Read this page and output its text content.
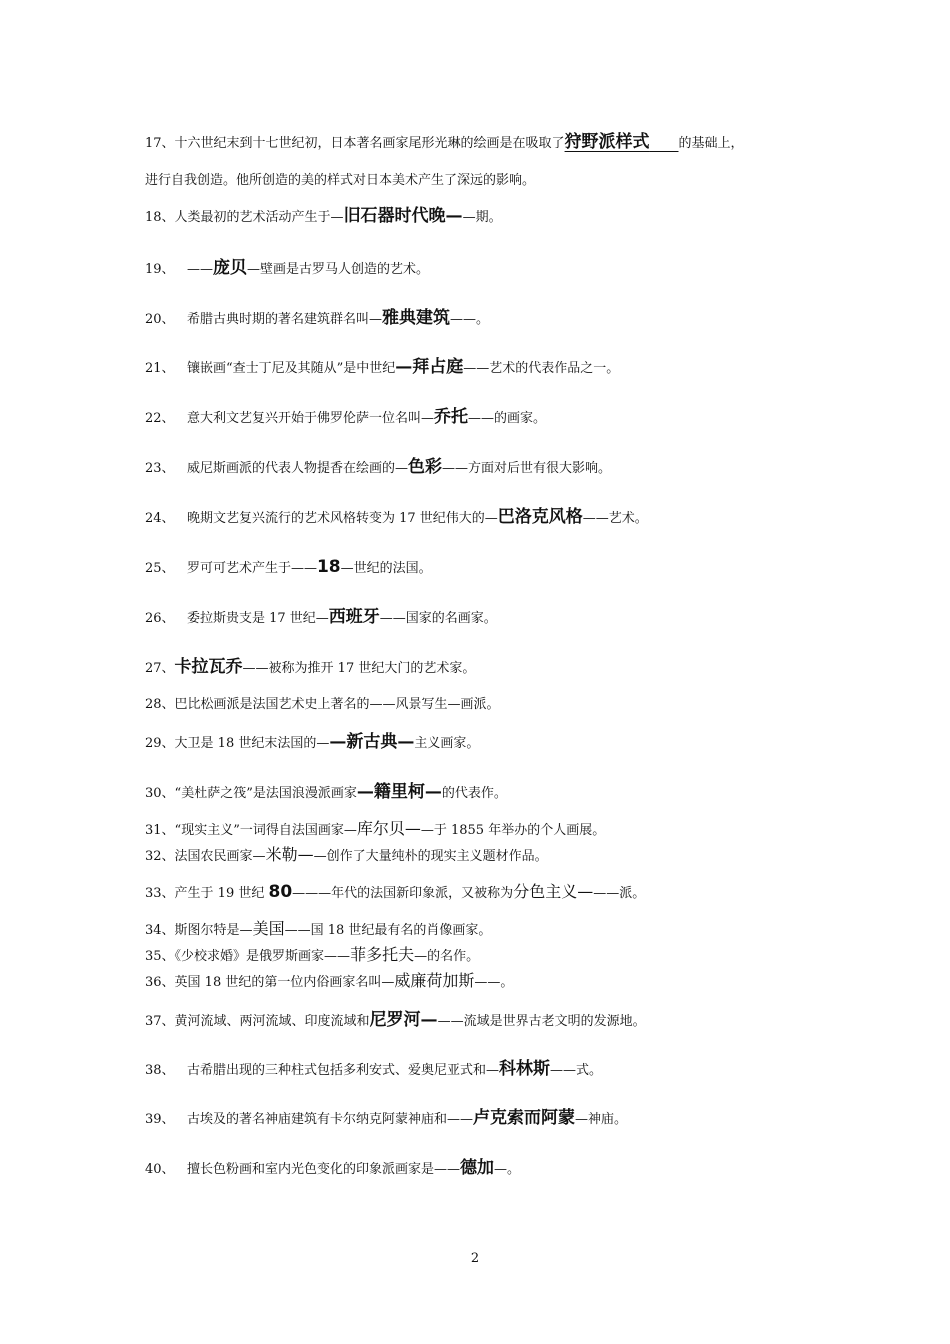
17、十六世纪末到十七世纪初，日本著名画家尾形光琳的绘画是在吸取了狩野派样式 的基础上，
进行自我创造。他所创造的美的样式对日本美术产生了深远的影响。
18、人类最初的艺术活动产生于—旧石器时代晚——期。
19、 ——庞贝—壁画是古罗马人创造的艺术。
20、 希腊古典时期的著名建筑群名叫—雅典建筑——。
21、 镶嵌画“查士丁尼及其随从”是中世纪—拜占庭——艺术的代表作品之一。
22、 意大利文艺复兴开始于佛罗伦萨一位名叫—乔托——的画家。
23、 威尼斯画派的代表人物提香在绘画的—色彩——方面对后世有很大影响。
24、 晚期文艺复兴流行的艺术风格转变为 17 世纪伟大的—巴洛克风格——艺术。
25、 罗可可艺术产生于——18—世纪的法国。
26、 委拉斯贵支是 17 世纪—西班牙——国家的名画家。
27、卡拉瓦乔——被称为推开 17 世纪大门的艺术家。
28、巴比松画派是法国艺术史上著名的——风景写生—画派。
29、大卫是 18 世纪末法国的——新古典—主义画家。
30、“美杜萨之筏”是法国浪漫派画家—籍里柯—的代表作。
31、“现实主义”一词得自法国画家—库尔贝——于 1855 年举办的个人画展。
32、法国农民画家—米勒——创作了大量纯朴的现实主义题材作品。
33、产生于 19 世纪 80———年代的法国新印象派，又被称为分色主义———派。
34、斯图尔特是—美国——国 18 世纪最有名的肖像画家。
35、《少校求婚》是俄罗斯画家——菲多托夫—的名作。
36、英国 18 世纪的第一位内俗画家名叫—威廉荷加斯——。
37、黄河流域、两河流域、印度流域和尼罗河———流域是世界古老文明的发源地。
38、 古希腊出现的三种柱式包括多利安式、爱奥尼亚式和—科林斯——式。
39、 古埃及的著名神庙建筑有卡尔纳克阿蒙神庙和——卢克索而阿蒙—神庙。
40、 擅长色粉画和室内光色变化的印象派画家是——德加—。
2
